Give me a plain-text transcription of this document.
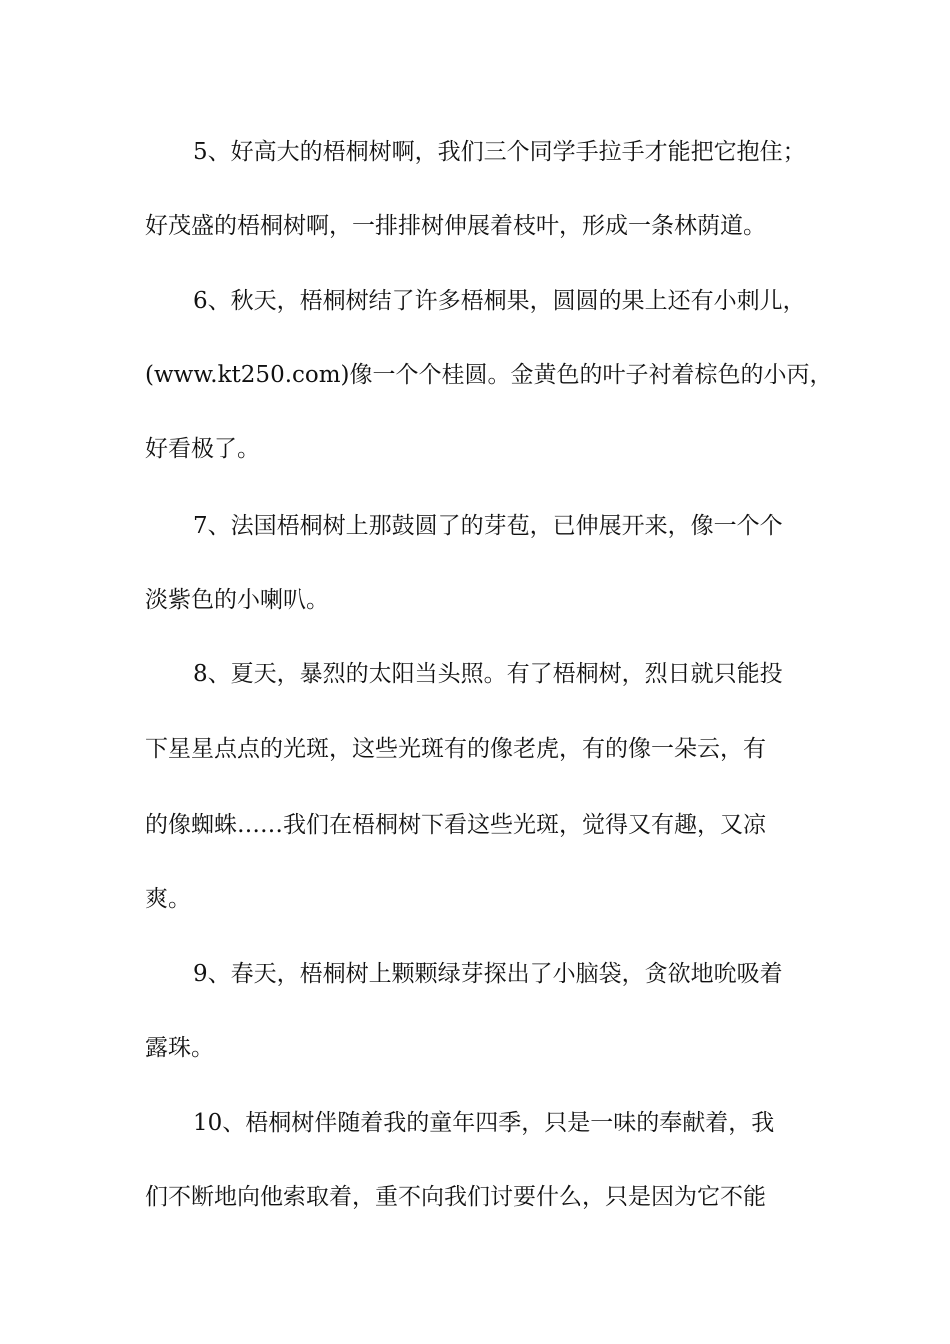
5、好高大的梧桐树啊，我们三个同学手拉手才能把它抱住；
好茂盛的梧桐树啊，一排排树伸展着枝叶，形成一条林荫道。
6、秋天，梧桐树结了许多梧桐果，圆圆的果上还有小刺儿，
(www.kt250.com)像一个个桂圆。金黄色的叶子衬着棕色的小丙，
好看极了。
7、法国梧桐树上那鼓圆了的芽苞，已伸展开来，像一个个
淡紫色的小喇叭。
8、夏天，暴烈的太阳当头照。有了梧桐树，烈日就只能投
下星星点点的光斑，这些光斑有的像老虎，有的像一朵云，有
的像蜘蛛……我们在梧桐树下看这些光斑，觉得又有趣，又凉
爽。
9、春天，梧桐树上颗颗绿芽探出了小脑袋，贪欲地吮吸着
露珠。
10、梧桐树伴随着我的童年四季，只是一味的奉献着，我
们不断地向他索取着，重不向我们讨要什么，只是因为它不能
